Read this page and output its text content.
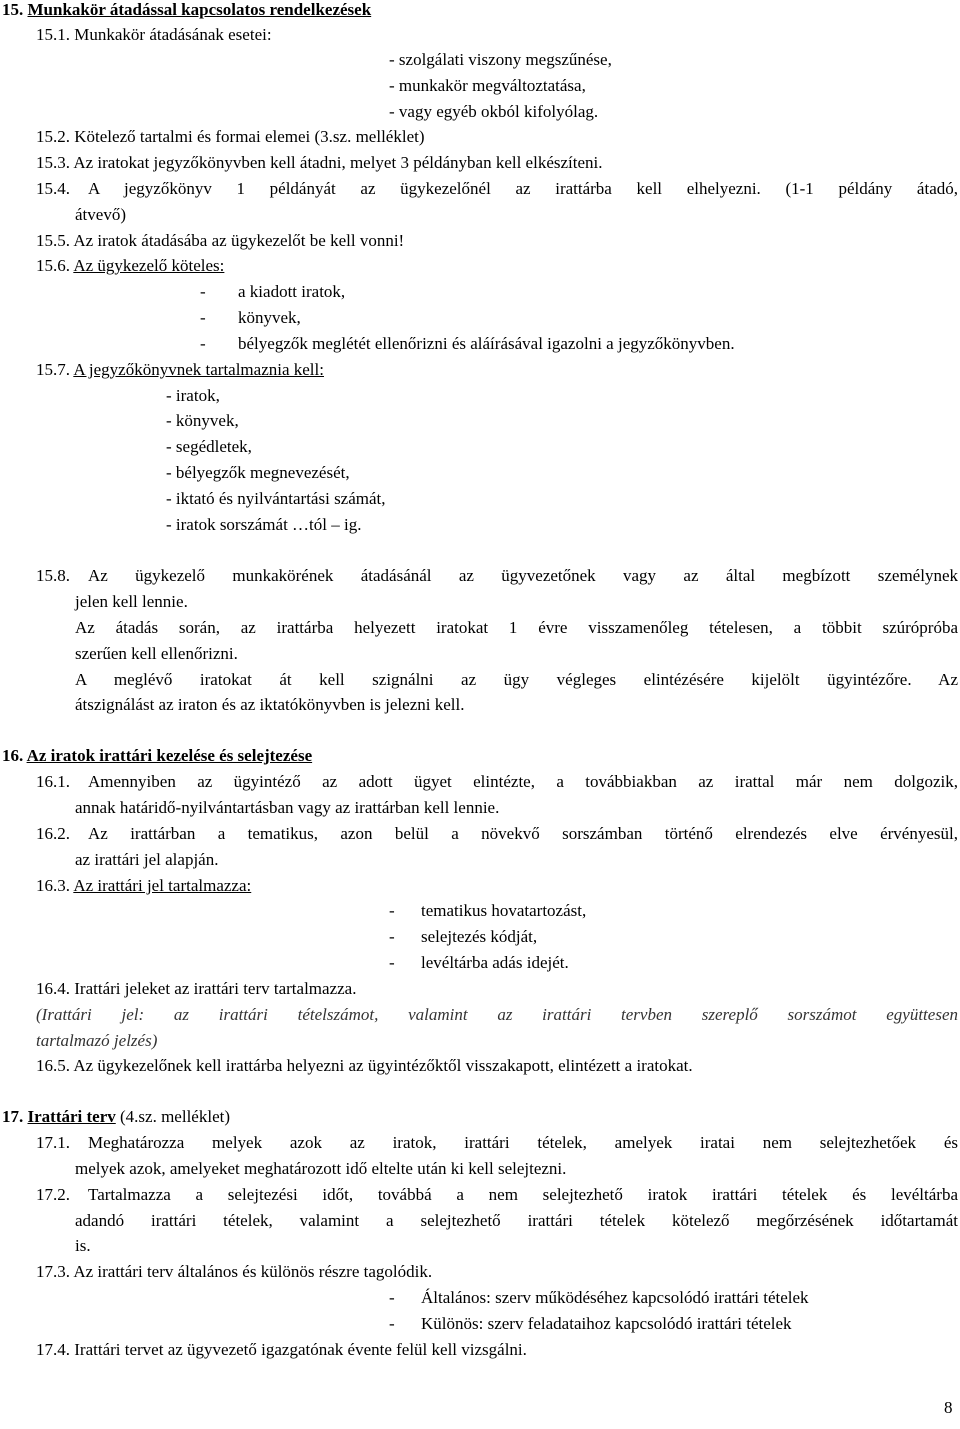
15. Munkakör átadással kapcsolatos rendelkezések
15.1. Munkakör átadásának esetei:
- szolgálati viszony megszűnése,
- munkakör megváltoztatása,
- vagy egyéb okból kifolyólag.
15.2. Kötelező tartalmi és formai elemei (3.sz. melléklet)
15.3. Az iratokat jegyzőkönyvben kell átadni, melyet 3 példányban kell elkészíteni.
15.4.	A jegyzőkönyv 1 példányát az ügykezelőnél az irattárba kell elhelyezni. (1-1 példány átadó,
átvevő)
15.5. Az iratok átadásába az ügykezelőt be kell vonni!
15.6. Az ügykezelő köteles:
- a kiadott iratok,
- könyvek,
- bélyegzők meglétét ellenőrizni és aláírásával igazolni a jegyzőkönyvben.
15.7. A jegyzőkönyvnek tartalmaznia kell:
- iratok,
- könyvek,
- segédletek,
- bélyegzők megnevezését,
- iktató és nyilvántartási számát,
- iratok sorszámát …tól – ig.
15.8.	Az ügykezelő munkakörének átadásánál az ügyvezetőnek vagy az által megbízott személynek
jelen kell lennie.
Az átadás során, az irattárba helyezett iratokat 1 évre visszamenőleg tételesen, a többit szúrópróba
szerűen kell ellenőrizni.
A meglévő iratokat át kell szignálni az ügy végleges elintézésére kijelölt ügyintézőre. Az
átszignálást az iraton és az iktatókönyvben is jelezni kell.
16. Az iratok irattári kezelése és selejtezése
16.1.	Amennyiben az ügyintéző az adott ügyet elintézte, a továbbiakban az irattal már nem dolgozik,
annak határidő-nyilvántartásban vagy az irattárban kell lennie.
16.2.	Az irattárban a tematikus, azon belül a növekvő sorszámban történő elrendezés elve érvényesül,
az irattári jel alapján.
16.3. Az irattári jel tartalmazza:
- tematikus hovatartozást,
- selejtezés kódját,
- levéltárba adás idejét.
16.4. Irattári jeleket az irattári terv tartalmazza.
(Irattári jel: az irattári tételszámot, valamint az irattári tervben szereplő sorszámot együttesen
tartalmazó jelzés)
16.5. Az ügykezelőnek kell irattárba helyezni az ügyintézőktől visszakapott, elintézett a iratokat.
17. Irattári terv (4.sz. melléklet)
17.1.	Meghatározza melyek azok az iratok, irattári tételek, amelyek iratai nem selejtezhetőek és
melyek azok, amelyeket meghatározott idő eltelte után ki kell selejtezni.
17.2.	Tartalmazza a selejtezési időt, továbbá a nem selejtezhető iratok irattári tételek és levéltárba
adandó irattári tételek, valamint a selejtezhető irattári tételek kötelező megőrzésének időtartamát
is.
17.3. Az irattári terv általános és különös részre tagolódik.
- Általános: szerv működéséhez kapcsolódó irattári tételek
- Különös: szerv feladataihoz kapcsolódó irattári tételek
17.4. Irattári tervet az ügyvezető igazgatónak évente felül kell vizsgálni.
8
